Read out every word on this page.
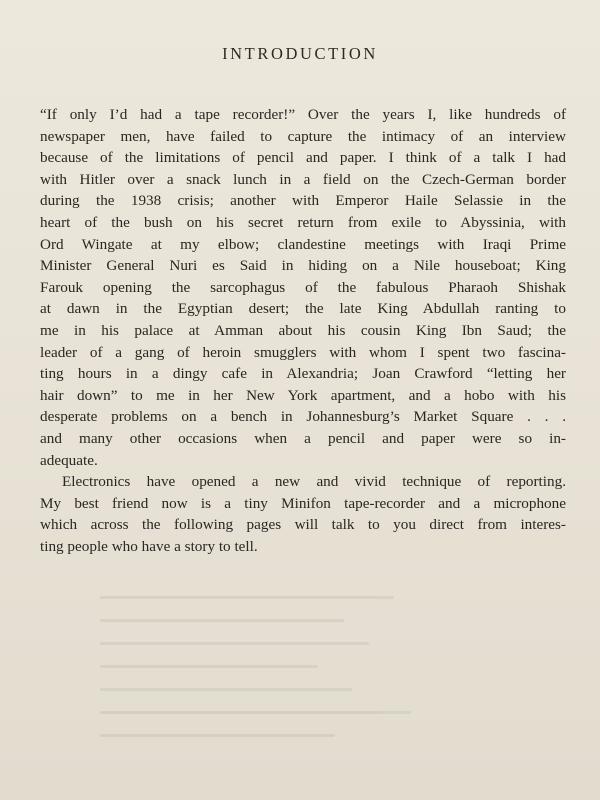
INTRODUCTION
“If only I’d had a tape recorder!” Over the years I, like hundreds of
newspaper men, have failed to capture the intimacy of an interview
because of the limitations of pencil and paper. I think of a talk I had
with Hitler over a snack lunch in a field on the Czech-German border
during the 1938 crisis; another with Emperor Haile Selassie in the
heart of the bush on his secret return from exile to Abyssinia, with
Ord Wingate at my elbow; clandestine meetings with Iraqi Prime
Minister General Nuri es Said in hiding on a Nile houseboat; King
Farouk opening the sarcophagus of the fabulous Pharaoh Shishak
at dawn in the Egyptian desert; the late King Abdullah ranting to
me in his palace at Amman about his cousin King Ibn Saud; the
leader of a gang of heroin smugglers with whom I spent two fascina-
ting hours in a dingy cafe in Alexandria; Joan Crawford “letting her
hair down” to me in her New York apartment, and a hobo with his
desperate problems on a bench in Johannesburg’s Market Square . . .
and many other occasions when a pencil and paper were so in-
adequate.
Electronics have opened a new and vivid technique of reporting.
My best friend now is a tiny Minifon tape-recorder and a microphone
which across the following pages will talk to you direct from interes-
ting people who have a story to tell.
